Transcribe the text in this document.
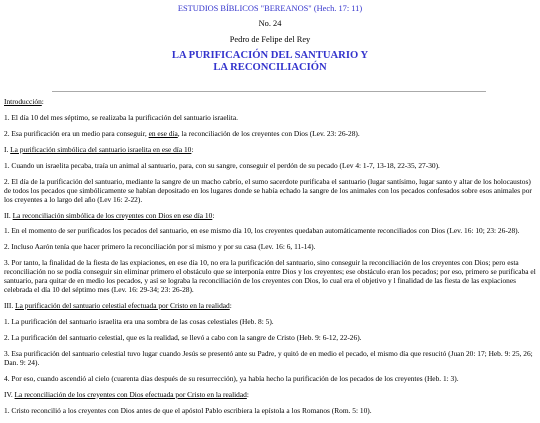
ESTUDIOS BÍBLICOS "BEREANOS" (Hech. 17: 11)
No. 24
Pedro de Felipe del Rey
LA PURIFICACIÓN DEL SANTUARIO Y
LA RECONCILIACIÓN

Introducción:

1. El día 10 del mes séptimo, se realizaba la purificación del santuario israelita.

2. Esa purificación era un medio para conseguir, en ese día, la reconciliación de los creyentes con Dios (Lev. 23: 26-28).

I. La purificación simbólica del santuario israelita en ese día 10:

1. Cuando un israelita pecaba, traía un animal al santuario, para, con su sangre, conseguir el perdón de su pecado (Lev 4: 1-7, 13-18, 22-35, 27-30).

2. El día de la purificación del santuario, mediante la sangre de un macho cabrío, el sumo sacerdote purificaba el santuario (lugar santísimo, lugar santo y altar de los holocaustos) de todos los pecados que simbólicamente se habían depositado en los lugares donde se había echado la sangre de los animales con los pecados confesados sobre esos animales por los creyentes a lo largo del año (Lev 16: 2-22).

II. La reconciliación simbólica de los creyentes con Dios en ese día 10:

1. En el momento de ser purificados los pecados del santuario, en ese mismo día 10, los creyentes quedaban automáticamente reconciliados con Dios (Lev. 16: 10; 23: 26-28).

2. Incluso Aarón tenía que hacer primero la reconciliación por sí mismo y por su casa (Lev. 16: 6, 11-14).

3. Por tanto, la finalidad de la fiesta de las expiaciones, en ese día 10, no era la purificación del santuario, sino conseguir la reconciliación de los creyentes con Dios; pero esta reconciliación no se podía conseguir sin eliminar primero el obstáculo que se interponía entre Dios y los creyentes; ese obstáculo eran los pecados; por eso, primero se purificaba el santuario, para quitar de en medio los pecados, y así se lograba la reconciliación de los creyentes con Dios, lo cual era el objetivo y l finalidad de las fiesta de las expiaciones celebrada el día 10 del séptimo mes (Lev. 16: 29-34; 23: 26-28).

III. La purificación del santuario celestial efectuada por Cristo en la realidad:

1. La purificación del santuario israelita era una sombra de las cosas celestiales (Heb. 8: 5).

2. La purificación del santuario celestial, que es la realidad, se llevó a cabo con la sangre de Cristo (Heb. 9: 6-12, 22-26).

3. Esa purificación del santuario celestial tuvo lugar cuando Jesús se presentó ante su Padre, y quitó de en medio el pecado, el mismo día que resucitó (Juan 20: 17; Heb. 9: 25, 26; Dan. 9: 24).

4. Por eso, cuando ascendió al cielo (cuarenta días después de su resurrección), ya había hecho la purificación de los pecados de los creyentes (Heb. 1: 3).

IV. La reconciliación de los creyentes con Dios efectuada por Cristo en la realidad:

1. Cristo reconcilió a los creyentes con Dios antes de que el apóstol Pablo escribiera la epístola a los Romanos (Rom. 5: 10).
